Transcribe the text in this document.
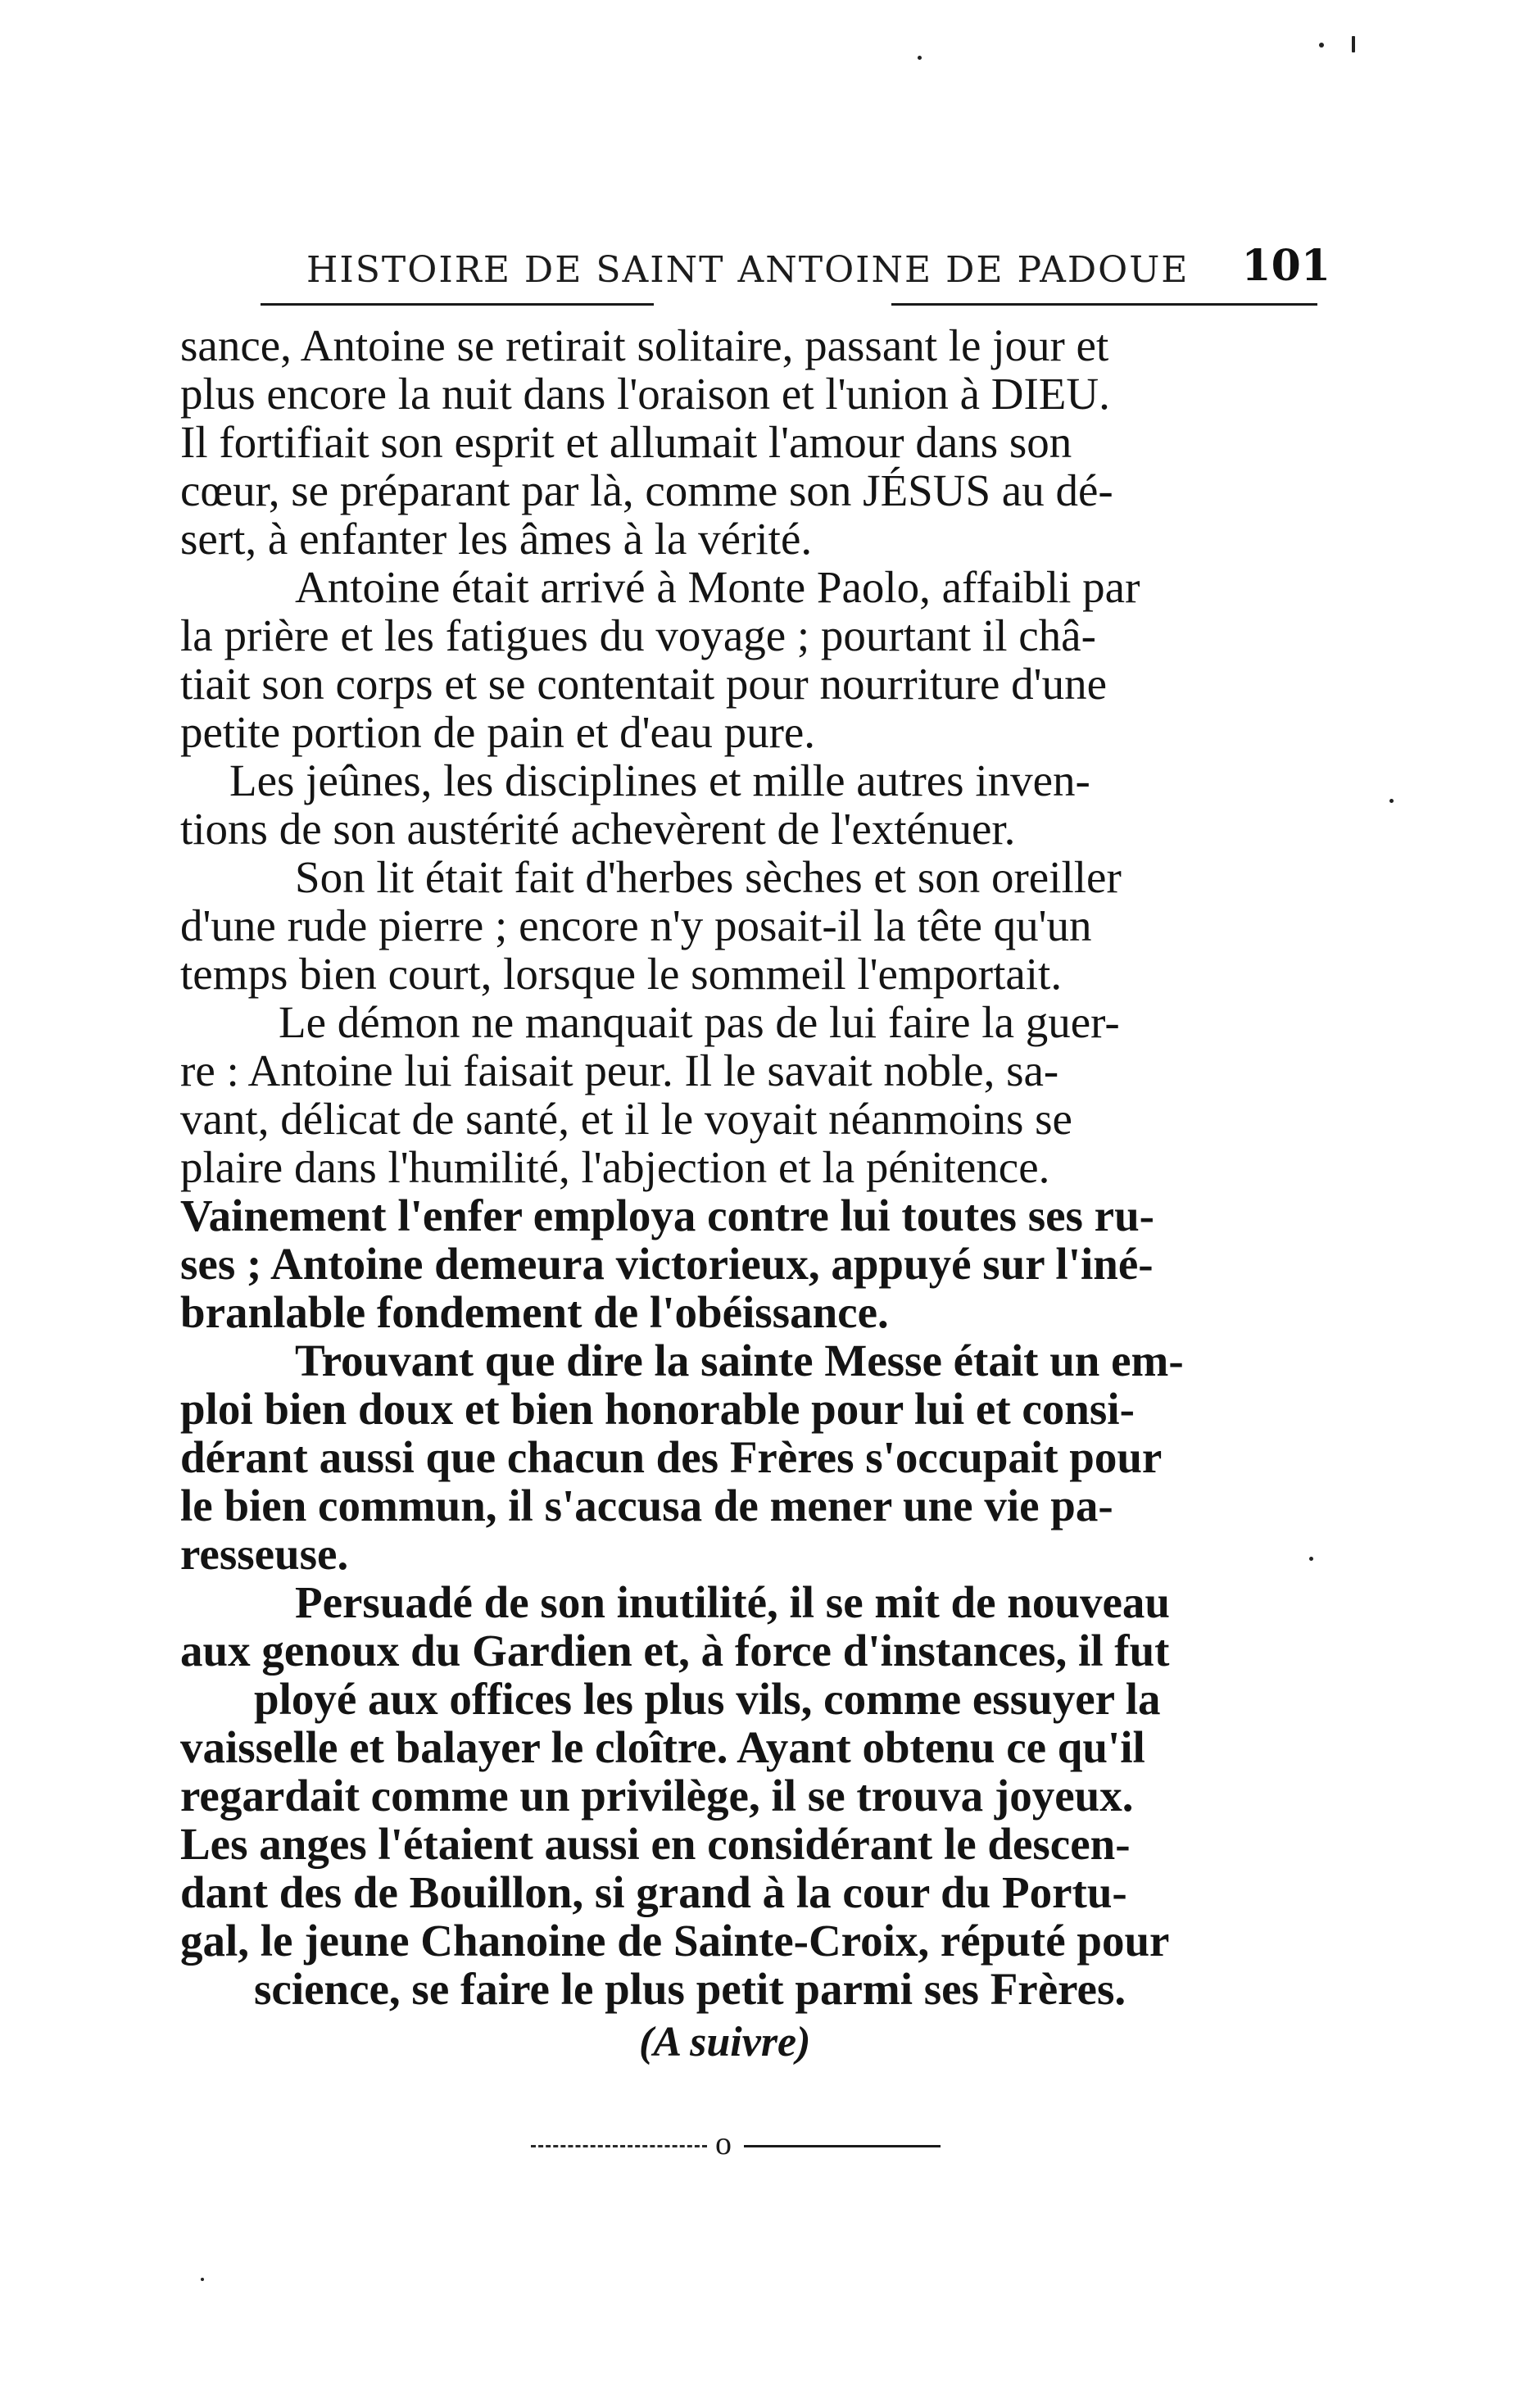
HISTOIRE DE SAINT ANTOINE DE PADOUE 101
sance, Antoine se retirait solitaire, passant le jour et
plus encore la nuit dans l'oraison et l'union à DIEU.
Il fortifiait son esprit et allumait l'amour dans son
cœur, se préparant par là, comme son JÉSUS au dé-
sert, à enfanter les âmes à la vérité.
Antoine était arrivé à Monte Paolo, affaibli par
la prière et les fatigues du voyage ; pourtant il châ-
tiait son corps et se contentait pour nourriture d'une
petite portion de pain et d'eau pure.
Les jeûnes, les disciplines et mille autres inven-
tions de son austérité achevèrent de l'exténuer.
Son lit était fait d'herbes sèches et son oreiller
d'une rude pierre ; encore n'y posait-il la tête qu'un
temps bien court, lorsque le sommeil l'emportait.
Le démon ne manquait pas de lui faire la guer-
re : Antoine lui faisait peur. Il le savait noble, sa-
vant, délicat de santé, et il le voyait néanmoins se
plaire dans l'humilité, l'abjection et la pénitence.
Vainement l'enfer employa contre lui toutes ses ru-
ses ; Antoine demeura victorieux, appuyé sur l'iné-
branlable fondement de l'obéissance.
Trouvant que dire la sainte Messe était un em-
ploi bien doux et bien honorable pour lui et consi-
dérant aussi que chacun des Frères s'occupait pour
le bien commun, il s'accusa de mener une vie pa-
resseuse.
Persuadé de son inutilité, il se mit de nouveau
aux genoux du Gardien et, à force d'instances, il fut
ployé aux offices les plus vils, comme essuyer la
vaisselle et balayer le cloître. Ayant obtenu ce qu'il
regardait comme un privilège, il se trouva joyeux.
Les anges l'étaient aussi en considérant le descen-
dant des de Bouillon, si grand à la cour du Portu-
gal, le jeune Chanoine de Sainte-Croix, réputé pour
science, se faire le plus petit parmi ses Frères.
(A suivre)
o
